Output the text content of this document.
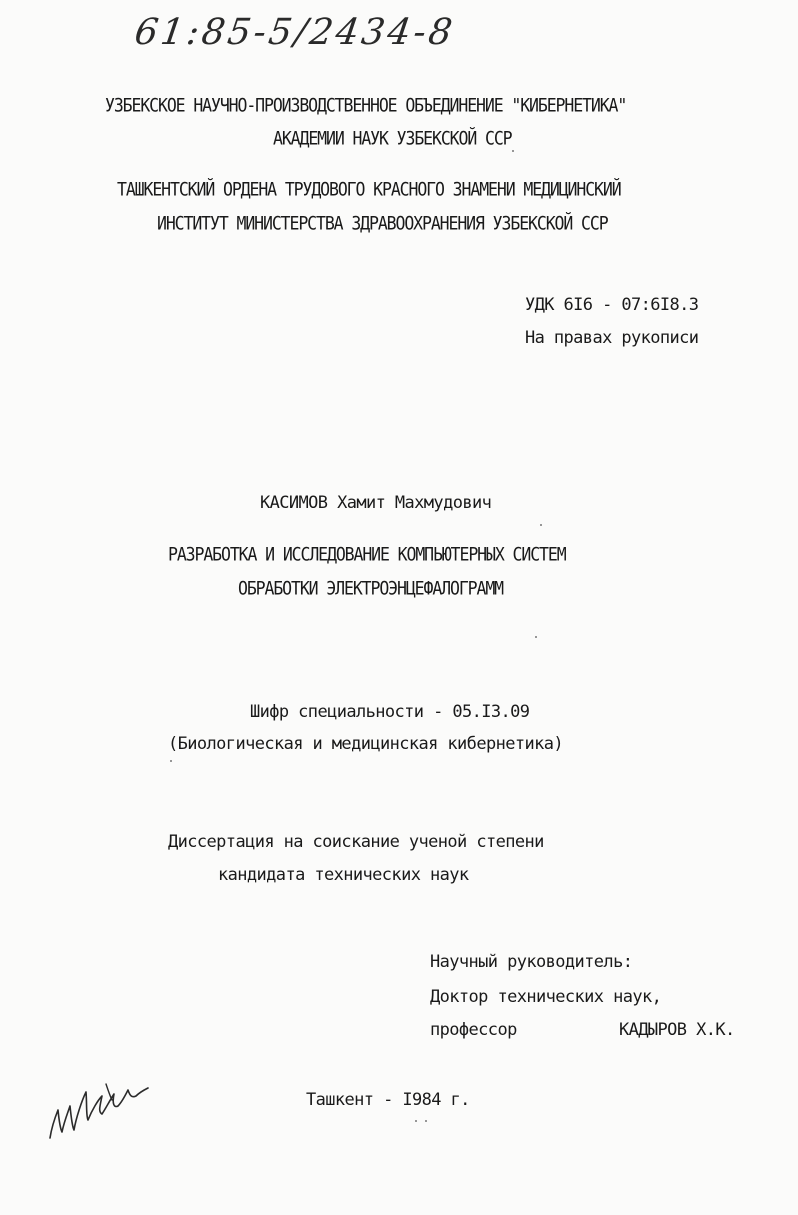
61:85-5/2434-8
УЗБЕКСКОЕ НАУЧНО-ПРОИЗВОДСТВЕННОЕ ОБЪЕДИНЕНИЕ "КИБЕРНЕТИКА"
АКАДЕМИИ НАУК УЗБЕКСКОЙ ССР
ТАШКЕНТСКИЙ ОРДЕНА ТРУДОВОГО КРАСНОГО ЗНАМЕНИ МЕДИЦИНСКИЙ
ИНСТИТУТ МИНИСТЕРСТВА ЗДРАВООХРАНЕНИЯ УЗБЕКСКОЙ ССР
УДК 6I6 - 07:6I8.3
На правах рукописи
КАСИМОВ Хамит Махмудович
РАЗРАБОТКА И ИССЛЕДОВАНИЕ КОМПЬЮТЕРНЫХ СИСТЕМ
ОБРАБОТКИ ЭЛЕКТРОЭНЦЕФАЛОГРАММ
Шифр специальности - 05.I3.09
(Биологическая и медицинская кибернетика)
Диссертация на соискание ученой степени
кандидата технических наук
Научный руководитель:
Доктор технических наук,
профессор	КАДЫРОВ Х.К.
Ташкент - I984 г.
